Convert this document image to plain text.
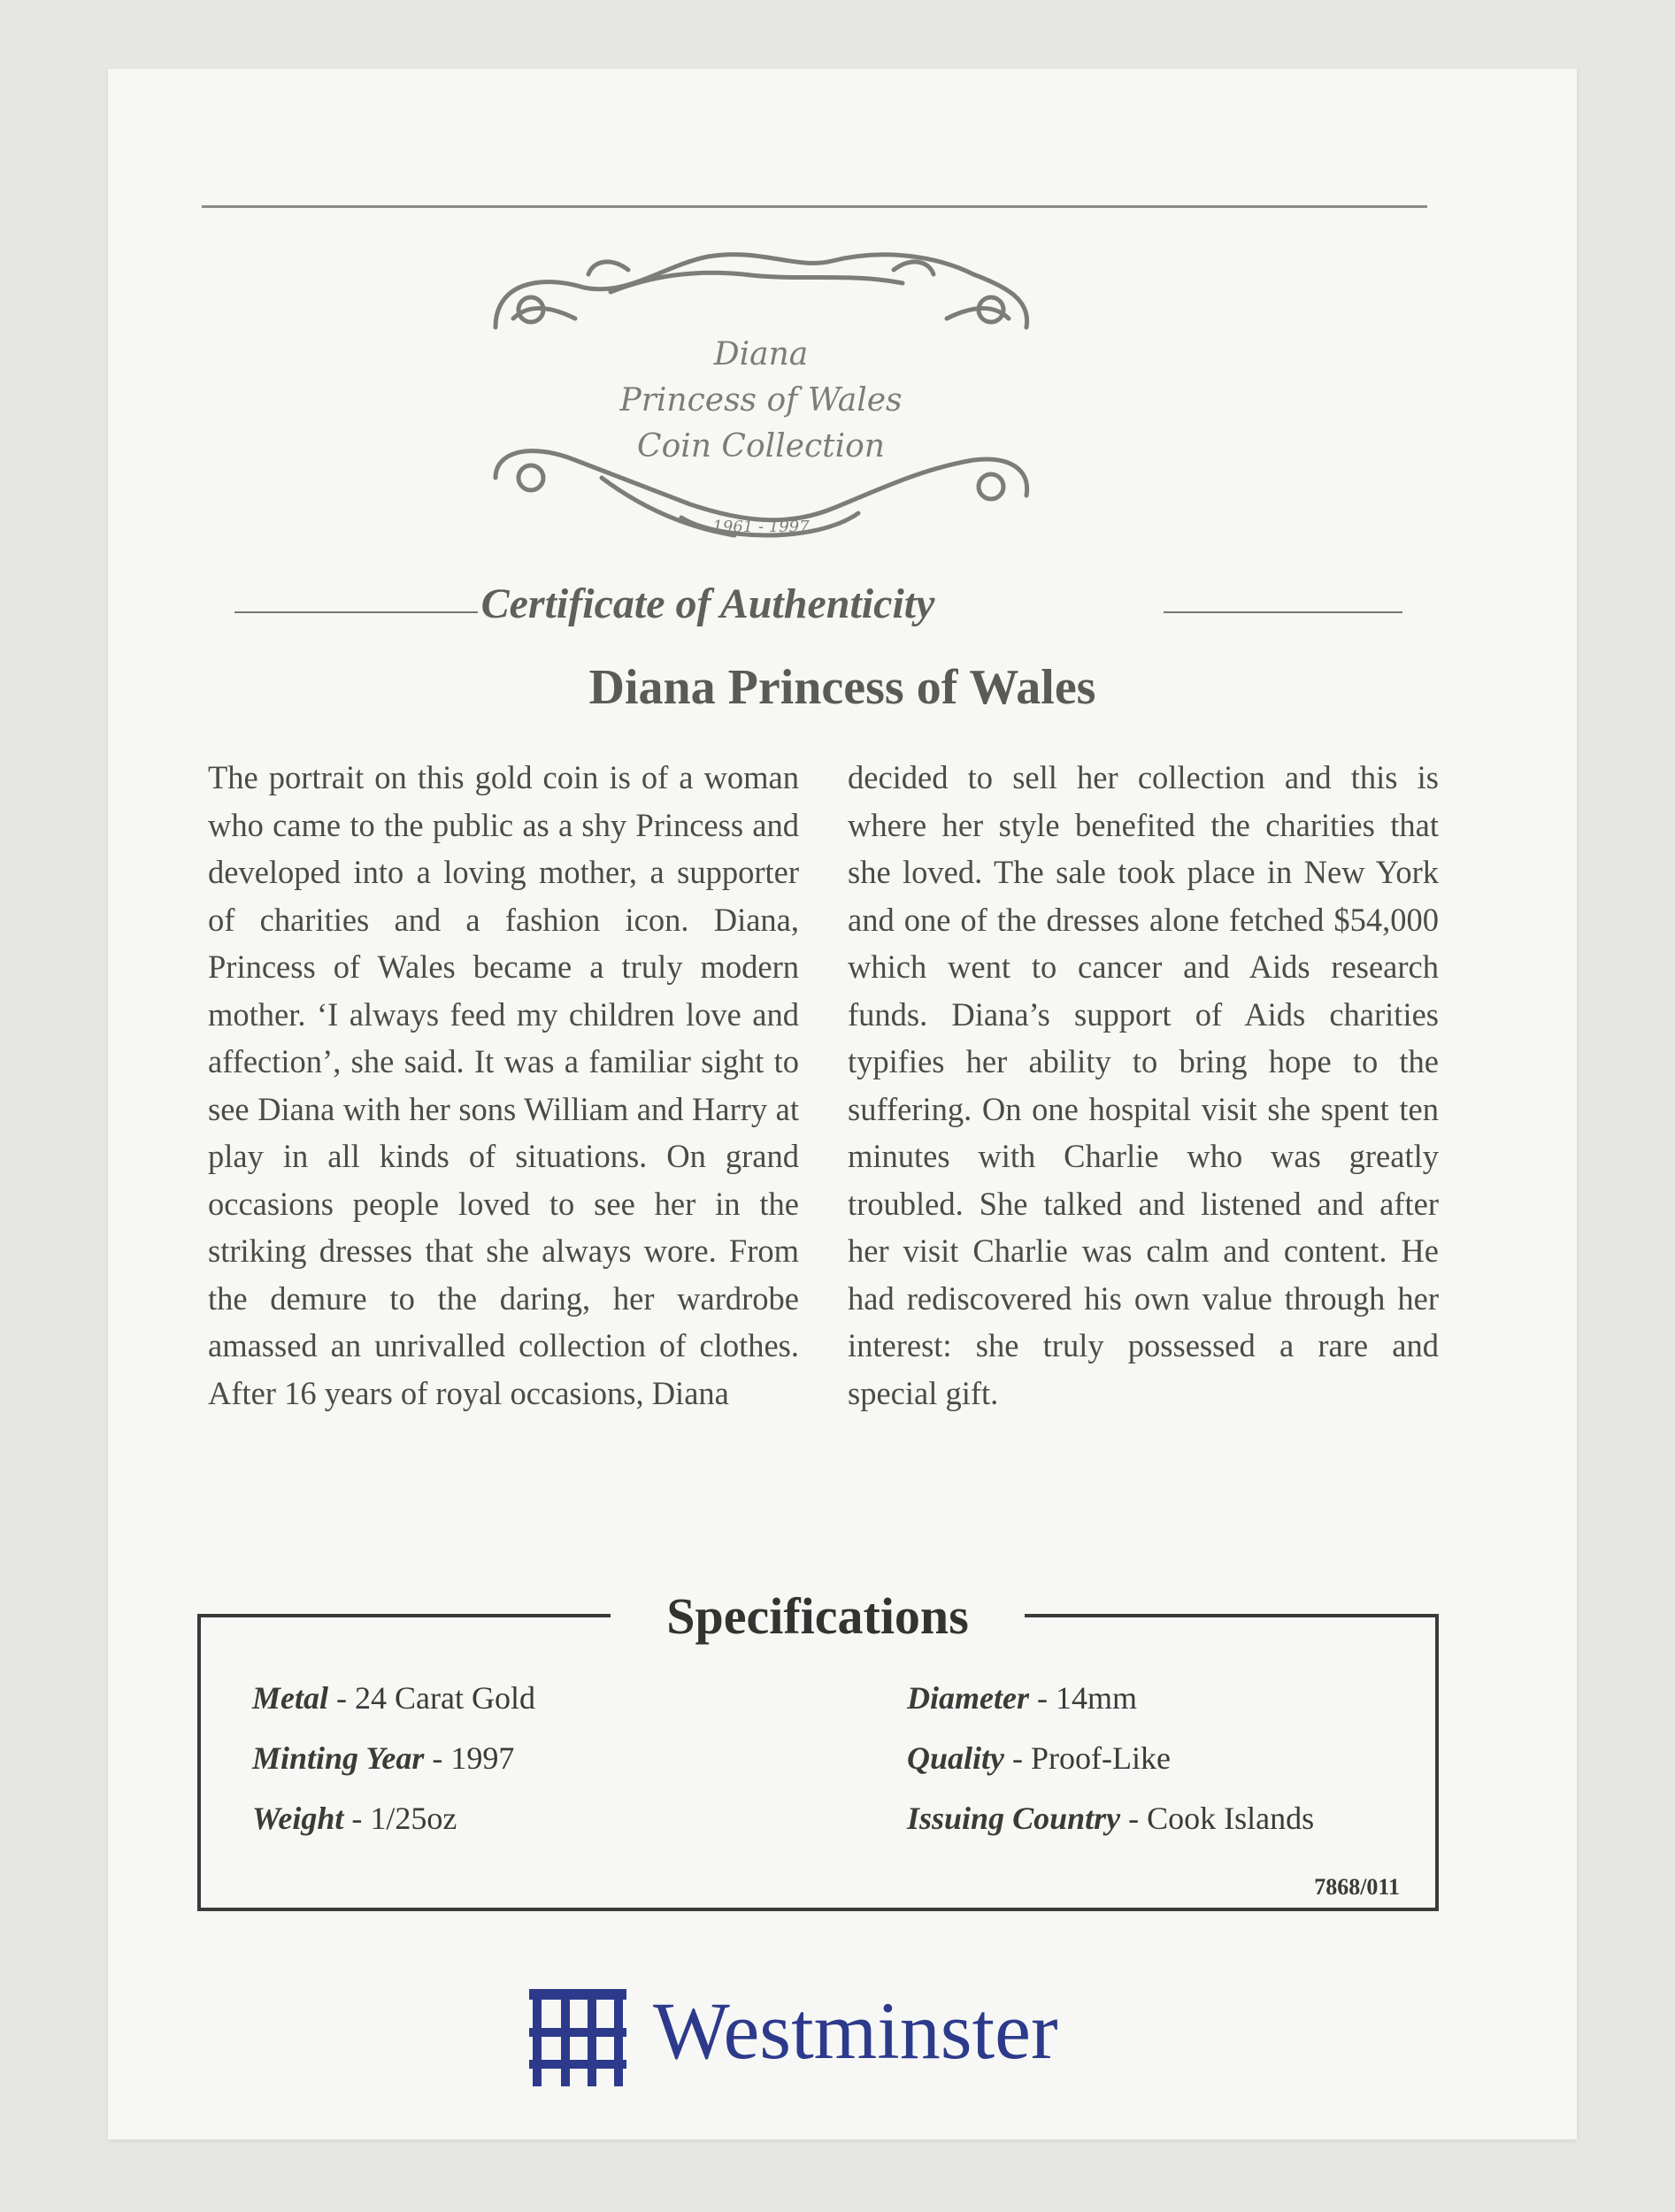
Diana
Princess of Wales
Coin Collection
1961 - 1997
Certificate of Authenticity
Diana Princess of Wales
The portrait on this gold coin is of a woman who came to the public as a shy Princess and developed into a loving mother, a supporter of charities and a fashion icon. Diana, Princess of Wales became a truly modern mother. ‘I always feed my children love and affection’, she said. It was a familiar sight to see Diana with her sons William and Harry at play in all kinds of situations. On grand occasions people loved to see her in the striking dresses that she always wore. From the demure to the daring, her wardrobe amassed an unrivalled collection of clothes. After 16 years of royal occasions, Diana
decided to sell her collection and this is where her style benefited the charities that she loved. The sale took place in New York and one of the dresses alone fetched $54,000 which went to cancer and Aids research funds. Diana’s support of Aids charities typifies her ability to bring hope to the suffering. On one hospital visit she spent ten minutes with Charlie who was greatly troubled. She talked and listened and after her visit Charlie was calm and content. He had rediscovered his own value through her interest: she truly possessed a rare and special gift.
Specifications
Metal - 24 Carat Gold
Minting Year - 1997
Weight - 1/25oz
Diameter - 14mm
Quality - Proof-Like
Issuing Country - Cook Islands
7868/011
Westminster
